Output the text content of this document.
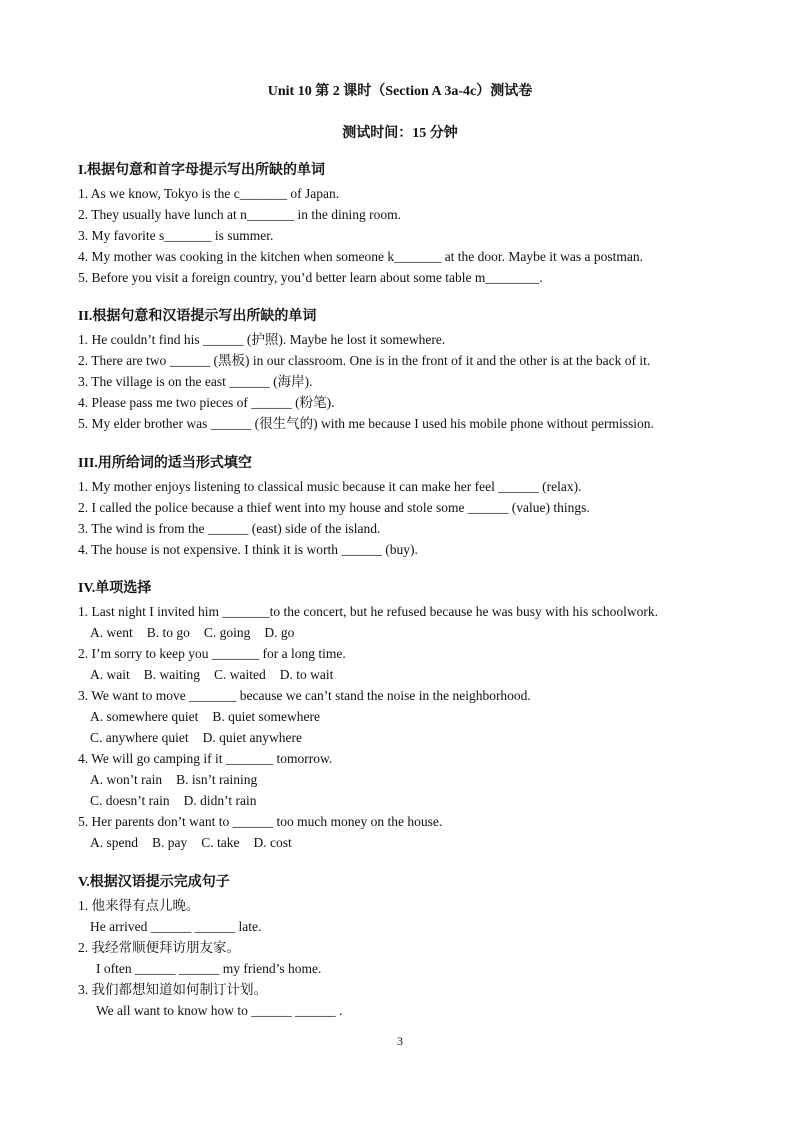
Unit 10 第 2 课时（Section A 3a-4c）测试卷
测试时间：15 分钟
I.根据句意和首字母提示写出所缺的单词
1. As we know, Tokyo is the c_______ of Japan.
2. They usually have lunch at n_______ in the dining room.
3. My favorite s_______ is summer.
4. My mother was cooking in the kitchen when someone k_______ at the door. Maybe it was a postman.
5. Before you visit a foreign country, you’d better learn about some table m________.
II.根据句意和汉语提示写出所缺的单词
1. He couldn’t find his ______ (护照). Maybe he lost it somewhere.
2. There are two ______ (黑板) in our classroom. One is in the front of it and the other is at the back of it.
3. The village is on the east ______ (海岸).
4. Please pass me two pieces of ______ (粉笔).
5. My elder brother was ______ (很生气的) with me because I used his mobile phone without permission.
III.用所给词的适当形式填空
1. My mother enjoys listening to classical music because it can make her feel ______ (relax).
2. I called the police because a thief went into my house and stole some ______ (value) things.
3. The wind is from the ______ (east) side of the island.
4. The house is not expensive. I think it is worth ______ (buy).
IV.单项选择
1. Last night I invited him _______to the concert, but he refused because he was busy with his schoolwork.
A. went B. to go C. going D. go
2. I’m sorry to keep you _______ for a long time.
A. wait B. waiting C. waited D. to wait
3. We want to move _______ because we can’t stand the noise in the neighborhood.
A. somewhere quiet B. quiet somewhere
C. anywhere quiet D. quiet anywhere
4. We will go camping if it _______ tomorrow.
A. won’t rain B. isn’t raining
C. doesn’t rain D. didn’t rain
5. Her parents don’t want to ______ too much money on the house.
A. spend B. pay C. take D. cost
V.根据汉语提示完成句子
1. 他来得有点儿晚。
He arrived ______ ______ late.
2. 我经常顺便拜访朋友家。
I often ______ ______ my friend’s home.
3. 我们都想知道如何制订计划。
We all want to know how to ______ ______ .
3
